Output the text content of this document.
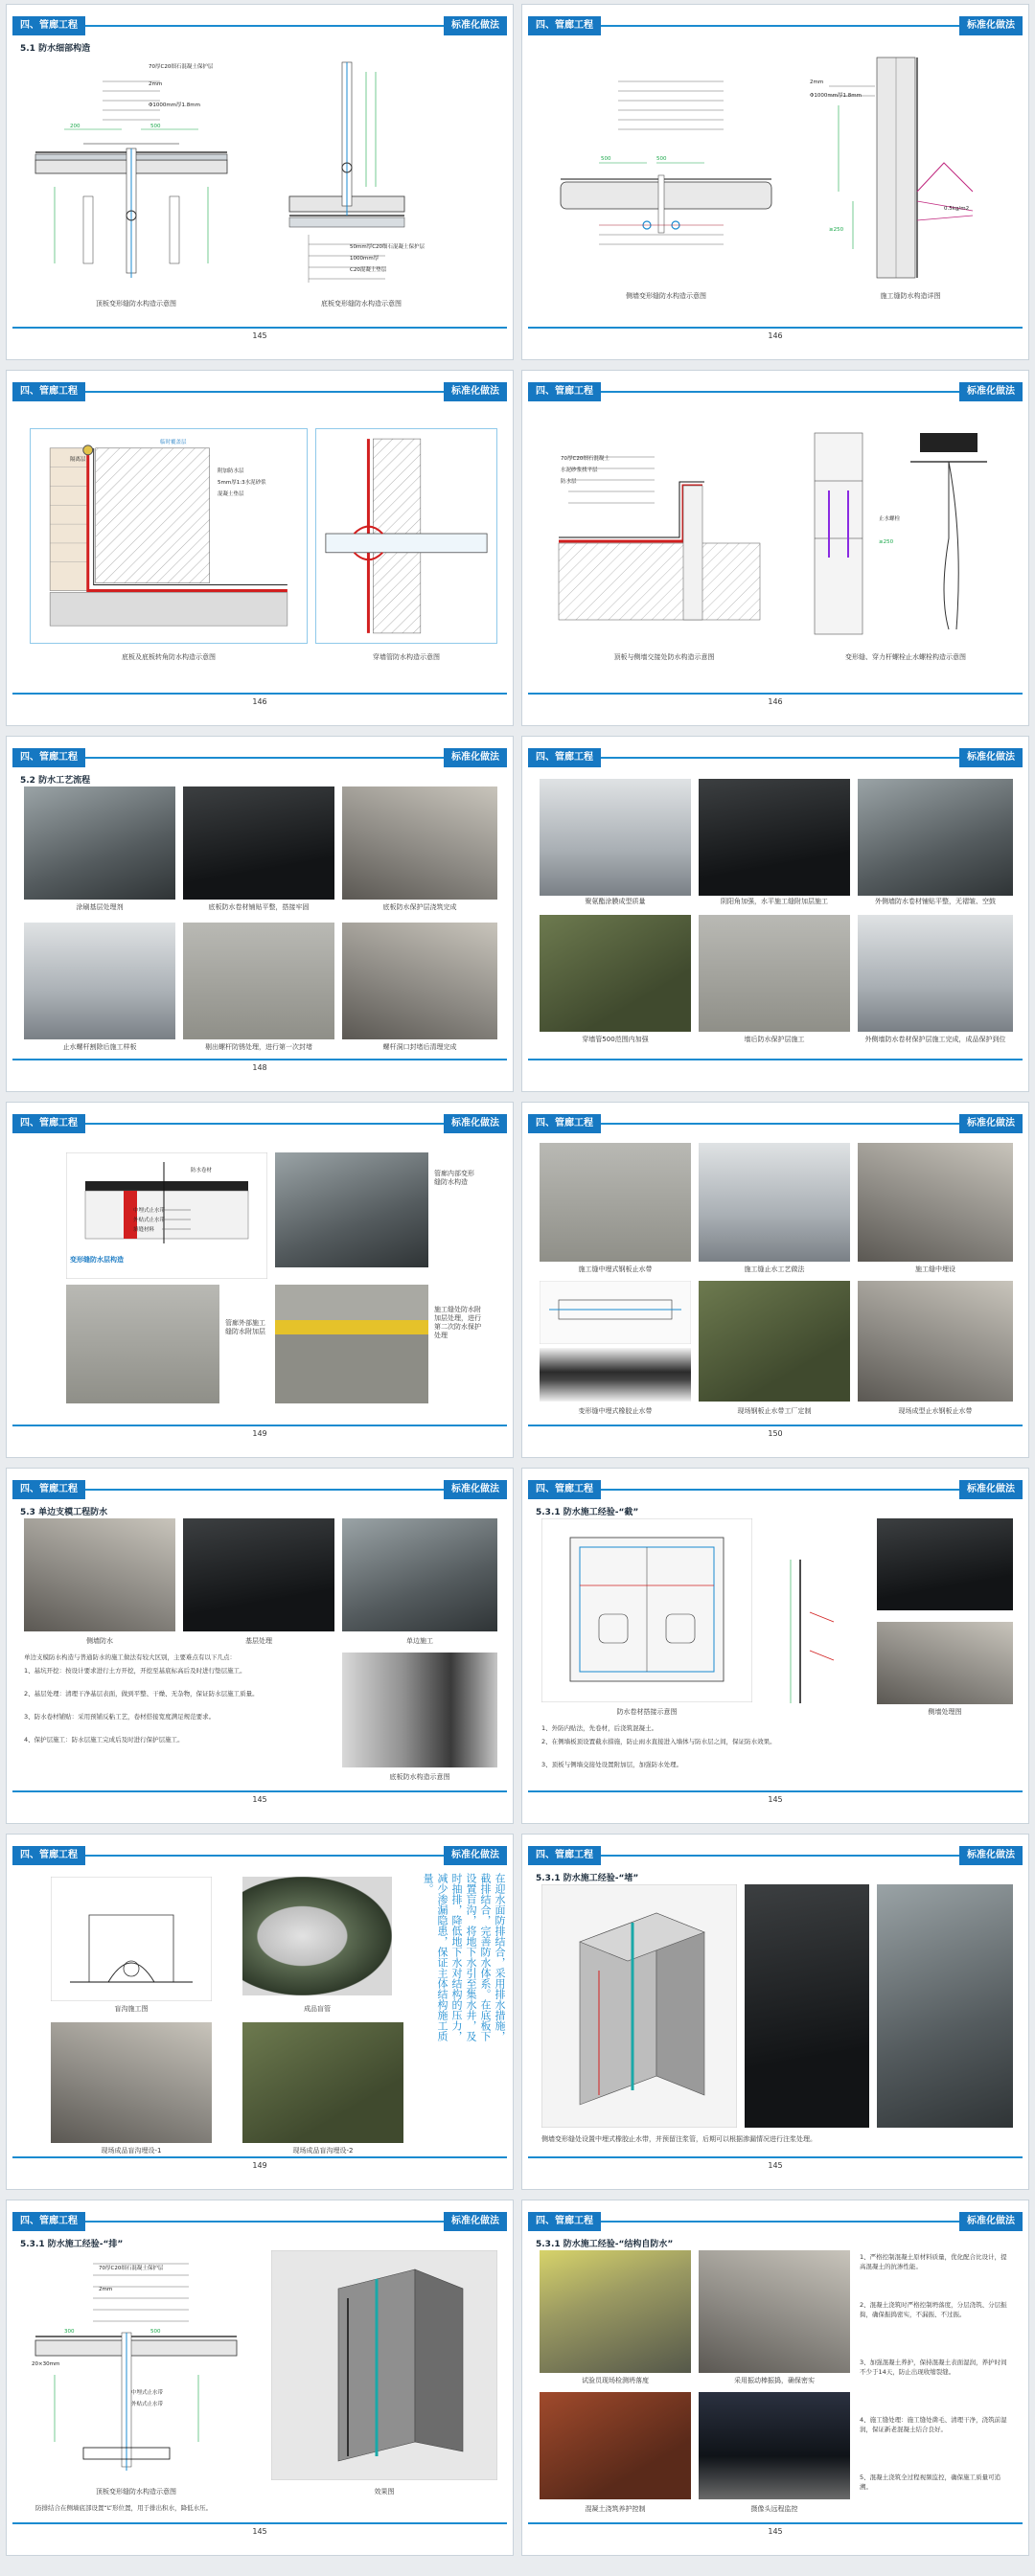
四、管廊工程	标准化做法
5.1 防水细部构造
70厚C20细石混凝土保护层
2mm
Φ1000mm厚1.8mm
200	500
50mm厚C20细石混凝土保护层
1000mm厚
C20混凝土垫层
顶板变形缝防水构造示意图	底板变形缝防水构造示意图
145
四、管廊工程	标准化做法
500	500
2mm
Φ1000mm厚1.8mm
0.5kg/m2
≥250
侧墙变形缝防水构造示意图	施工缝防水构造详图
146
四、管廊工程	标准化做法
隔离层
临时覆盖层
附加防水层
5mm厚1:3水泥砂浆
混凝土垫层
底板及底板转角防水构造示意图	穿墙管防水构造示意图
146
四、管廊工程	标准化做法
70厚C20细石混凝土
水泥砂浆找平层
防水层
止水螺栓
≥250
顶板与侧墙交接处防水构造示意图	变形缝、穿力杆螺栓止水螺栓构造示意图
146
四、管廊工程	标准化做法
5.2 防水工艺流程
涂刷基层处理剂	底板防水卷材铺贴平整，搭接牢固	底板防水保护层浇筑完成
止水螺杆割除后施工样板	剔出螺杆防锈处理，进行第一次封堵	螺杆洞口封堵后清理完成
148
四、管廊工程	标准化做法
聚氨酯涂膜成型质量	阴阳角加强，水平施工缝附加层施工	外侧墙防水卷材铺贴平整，无褶皱、空鼓
穿墙管500范围内加强	墙后防水保护层施工	外侧墙防水卷材保护层施工完成，成品保护到位
四、管廊工程	标准化做法
防水卷材
中埋式止水带
外贴式止水带
填缝材料
变形缝防水层构造
管廊内部变形缝防水构造
管廊外部施工缝防水附加层
施工缝处防水附加层处理，进行第二次防水保护处理
149
四、管廊工程	标准化做法
施工缝中埋式钢板止水带	施工缝止水工艺做法	施工缝中埋设
变形缝中埋式橡胶止水带	现场钢板止水带工厂定制	现场成型止水钢板止水带
150
四、管廊工程	标准化做法
5.3 单边支模工程防水
侧墙防水	基层处理	单边施工
单边支模防水构造与普通防水的施工做法有较大区别，主要难点有以下几点：
1、基坑开挖：按设计要求进行土方开挖，开挖至基底标高后及时进行垫层施工。
2、基层处理：清理干净基层表面，做到平整、干燥、无杂物，保证防水层施工质量。
3、防水卷材铺贴：采用预铺反粘工艺，卷材搭接宽度满足规范要求。
4、保护层施工：防水层施工完成后及时进行保护层施工。
底板防水构造示意图
145
四、管廊工程	标准化做法
5.3.1 防水施工经验-“截”
防水卷材搭接示意图	侧墙处理图
1、外防内贴法，先卷材，后浇筑混凝土。
2、在侧墙板顶设置截水措施，防止雨水直接进入墙体与防水层之间，保证防水效果。
3、顶板与侧墙交接处设置附加层，加强防水处理。
145
四、管廊工程	标准化做法
盲沟施工图	成品盲管	在迎水面防排结合，采用排水措施，截排结合，完善防水体系。在底板下设置盲沟，将地下水引至集水井，及时抽排，降低地下水对结构的压力，减少渗漏隐患，保证主体结构施工质量。
现场成品盲沟埋设-1	现场成品盲沟埋设-2
149
四、管廊工程	标准化做法
5.3.1 防水施工经验-“堵”
侧墙变形缝处设置中埋式橡胶止水带，并预留注浆管，后期可以根据渗漏情况进行注浆处理。
145
四、管廊工程	标准化做法
5.3.1 防水施工经验-“排”
70厚C20细石混凝土保护层
2mm
300	500
20×30mm
中埋式止水带
外贴式止水带
顶板变形缝防水构造示意图	效果图
防排结合在侧墙底部设置“L”形位置，用于排出积水，降低水压。
145
四、管廊工程	标准化做法
5.3.1 防水施工经验-“结构自防水”
试验员现场检测坍落度	采用振动棒振捣，确保密实
混凝土浇筑养护控制	摄像头远程监控
1、严格控制混凝土原材料质量，优化配合比设计，提高混凝土的抗渗性能。
2、混凝土浇筑时严格控制坍落度，分层浇筑、分层振捣，确保振捣密实，不漏振、不过振。
3、加强混凝土养护，保持混凝土表面湿润，养护时间不少于14天，防止出现收缩裂缝。
4、施工缝处理：施工缝处凿毛、清理干净，浇筑前湿润，保证新老混凝土结合良好。
5、混凝土浇筑全过程视频监控，确保施工质量可追溯。
145
